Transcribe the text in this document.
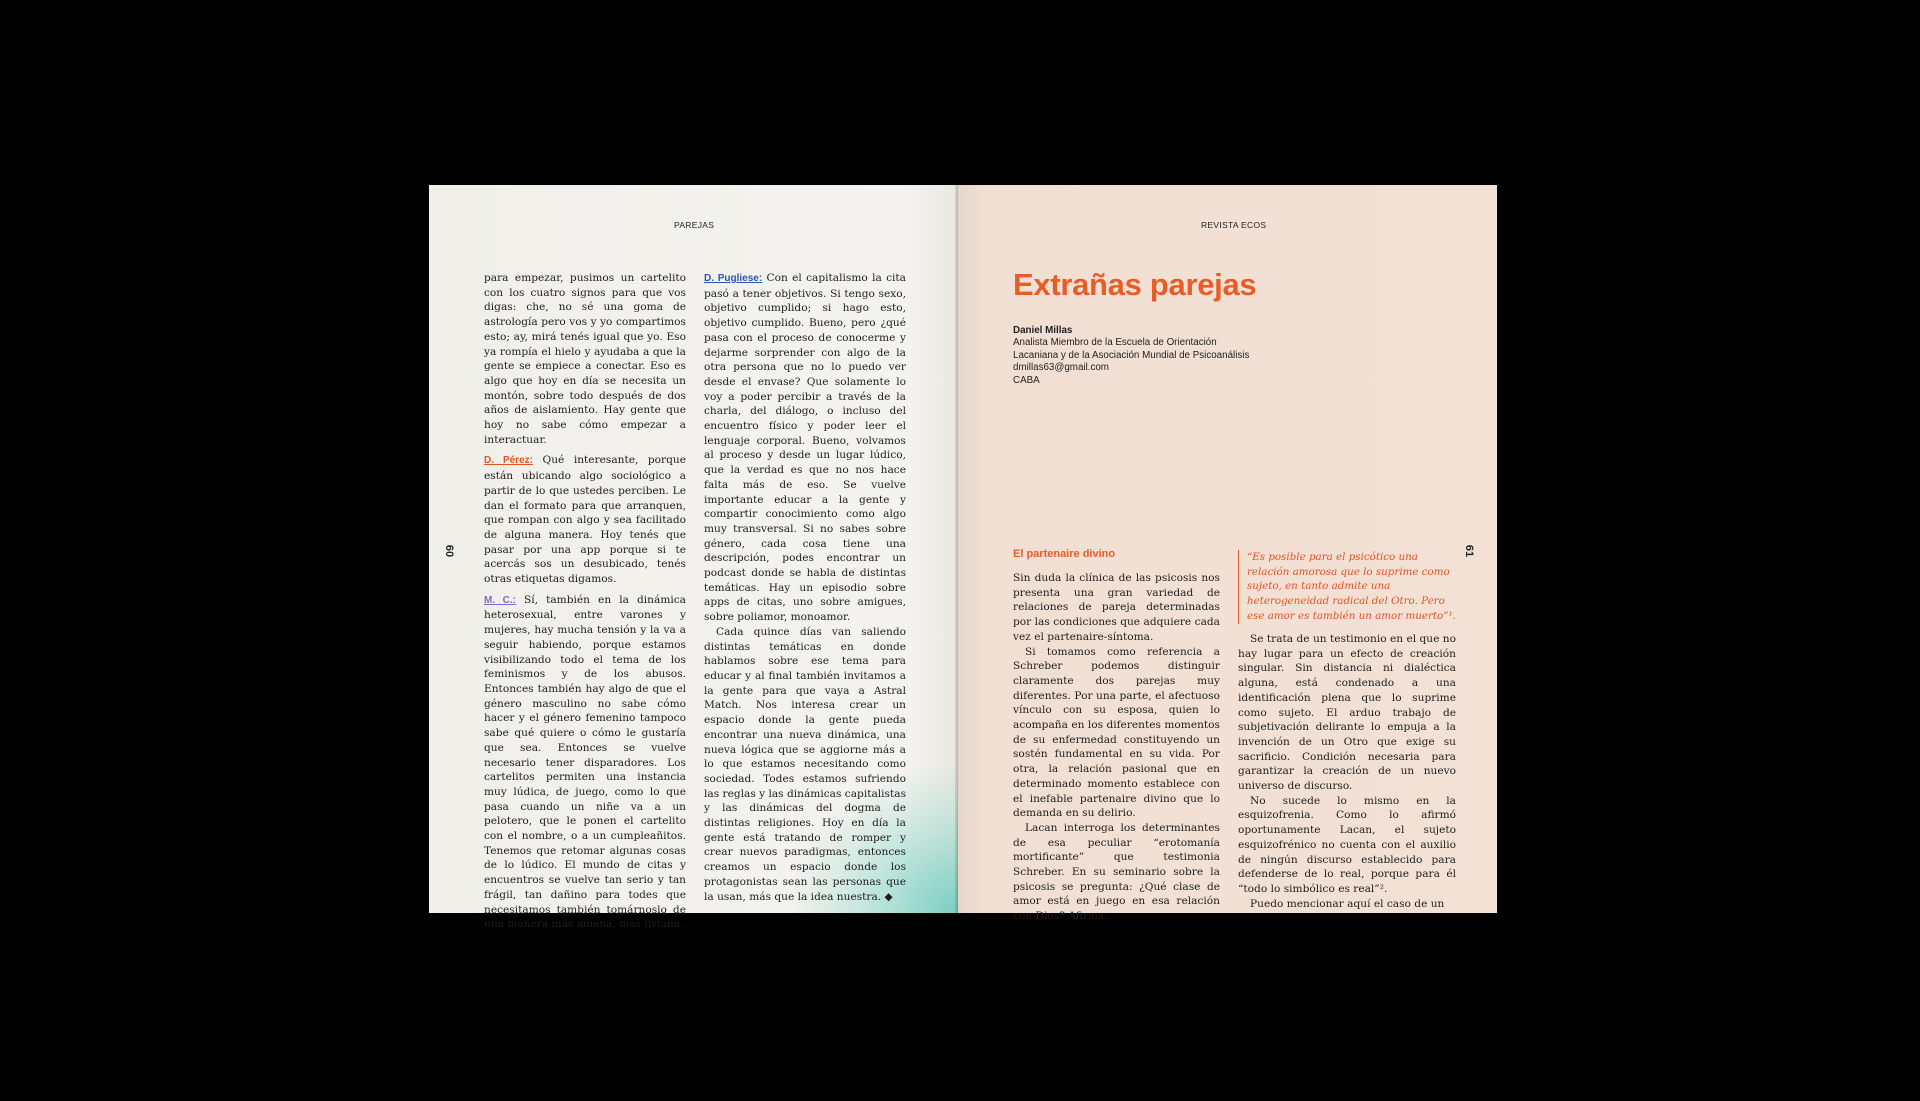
PAREJAS
60

para empezar, pusimos un cartelito con los cuatro signos para que vos digas: che, no sé una goma de astrología pero vos y yo compartimos esto; ay, mirá tenés igual que yo. Eso ya rompía el hielo y ayudaba a que la gente se empiece a conectar. Eso es algo que hoy en día se necesita un montón, sobre todo después de dos años de aislamiento. Hay gente que hoy no sabe cómo empezar a interactuar.

D. Pérez: Qué interesante, porque están ubicando algo sociológico a partir de lo que ustedes perciben. Le dan el formato para que arranquen, que rompan con algo y sea facilitado de alguna manera. Hoy tenés que pasar por una app porque si te acercás sos un desubicado, tenés otras etiquetas digamos.

M. C.: Sí, también en la dinámica heterosexual, entre varones y mujeres, hay mucha tensión y la va a seguir habiendo, porque estamos visibilizando todo el tema de los feminismos y de los abusos. Entonces también hay algo de que el género masculino no sabe cómo hacer y el género femenino tampoco sabe qué quiere o cómo le gustaría que sea. Entonces se vuelve necesario tener disparadores. Los cartelitos permiten una instancia muy lúdica, de juego, como lo que pasa cuando un niñe va a un pelotero, que le ponen el cartelito con el nombre, o a un cumpleañitos. Tenemos que retomar algunas cosas de lo lúdico. El mundo de citas y encuentros se vuelve tan serio y tan frágil, tan dañino para todes que necesitamos también tomárnoslo de una manera más amena, más liviana.

D. Pugliese: Con el capitalismo la cita pasó a tener objetivos. Si tengo sexo, objetivo cumplido; si hago esto, objetivo cumplido. Bueno, pero ¿qué pasa con el proceso de conocerme y dejarme sorprender con algo de la otra persona que no lo puedo ver desde el envase? Que solamente lo voy a poder percibir a través de la charla, del diálogo, o incluso del encuentro físico y poder leer el lenguaje corporal. Bueno, volvamos al proceso y desde un lugar lúdico, que la verdad es que no nos hace falta más de eso. Se vuelve importante educar a la gente y compartir conocimiento como algo muy transversal. Si no sabes sobre género, cada cosa tiene una descripción, podes encontrar un podcast donde se habla de distintas temáticas. Hay un episodio sobre apps de citas, uno sobre amigues, sobre poliamor, monoamor.

Cada quince días van saliendo distintas temáticas en donde hablamos sobre ese tema para educar y al final también invitamos a la gente para que vaya a Astral Match. Nos interesa crear un espacio donde la gente pueda encontrar una nueva dinámica, una nueva lógica que se aggiorne más a lo que estamos necesitando como sociedad. Todes estamos sufriendo las reglas y las dinámicas capitalistas y las dinámicas del dogma de distintas religiones. Hoy en día la gente está tratando de romper y crear nuevos paradigmas, entonces creamos un espacio donde los protagonistas sean las personas que la usan, más que la idea nuestra. ◆

REVISTA ECOS
61
Extrañas parejas
Daniel Millas
Analista Miembro de la Escuela de Orientación
Lacaniana y de la Asociación Mundial de Psicoanálisis
dmillas63@gmail.com
CABA
El partenaire divino

Sin duda la clínica de las psicosis nos presenta una gran variedad de relaciones de pareja determinadas por las condiciones que adquiere cada vez el partenaire-síntoma.

Si tomamos como referencia a Schreber podemos distinguir claramente dos parejas muy diferentes. Por una parte, el afectuoso vínculo con su esposa, quien lo acompaña en los diferentes momentos de su enfermedad constituyendo un sostén fundamental en su vida. Por otra, la relación pasional que en determinado momento establece con el inefable partenaire divino que lo demanda en su delirio.

Lacan interroga los determinantes de esa peculiar “erotomanía mortificante” que testimonia Schreber. En su seminario sobre la psicosis se pregunta: ¿Qué clase de amor está en juego en esa relación con Dios? Afirma:

“Es posible para el psicótico una relación amorosa que lo suprime como sujeto, en tanto admite una heterogeneidad radical del Otro. Pero ese amor es también un amor muerto”¹.

Se trata de un testimonio en el que no hay lugar para un efecto de creación singular. Sin distancia ni dialéctica alguna, está condenado a una identificación plena que lo suprime como sujeto. El arduo trabajo de subjetivación delirante lo empuja a la invención de un Otro que exige su sacrificio. Condición necesaria para garantizar la creación de un nuevo universo de discurso.

No sucede lo mismo en la esquizofrenia. Como lo afirmó oportunamente Lacan, el sujeto esquizofrénico no cuenta con el auxilio de ningún discurso establecido para defenderse de lo real, porque para él “todo lo simbólico es real”².

Puedo mencionar aquí el caso de un
